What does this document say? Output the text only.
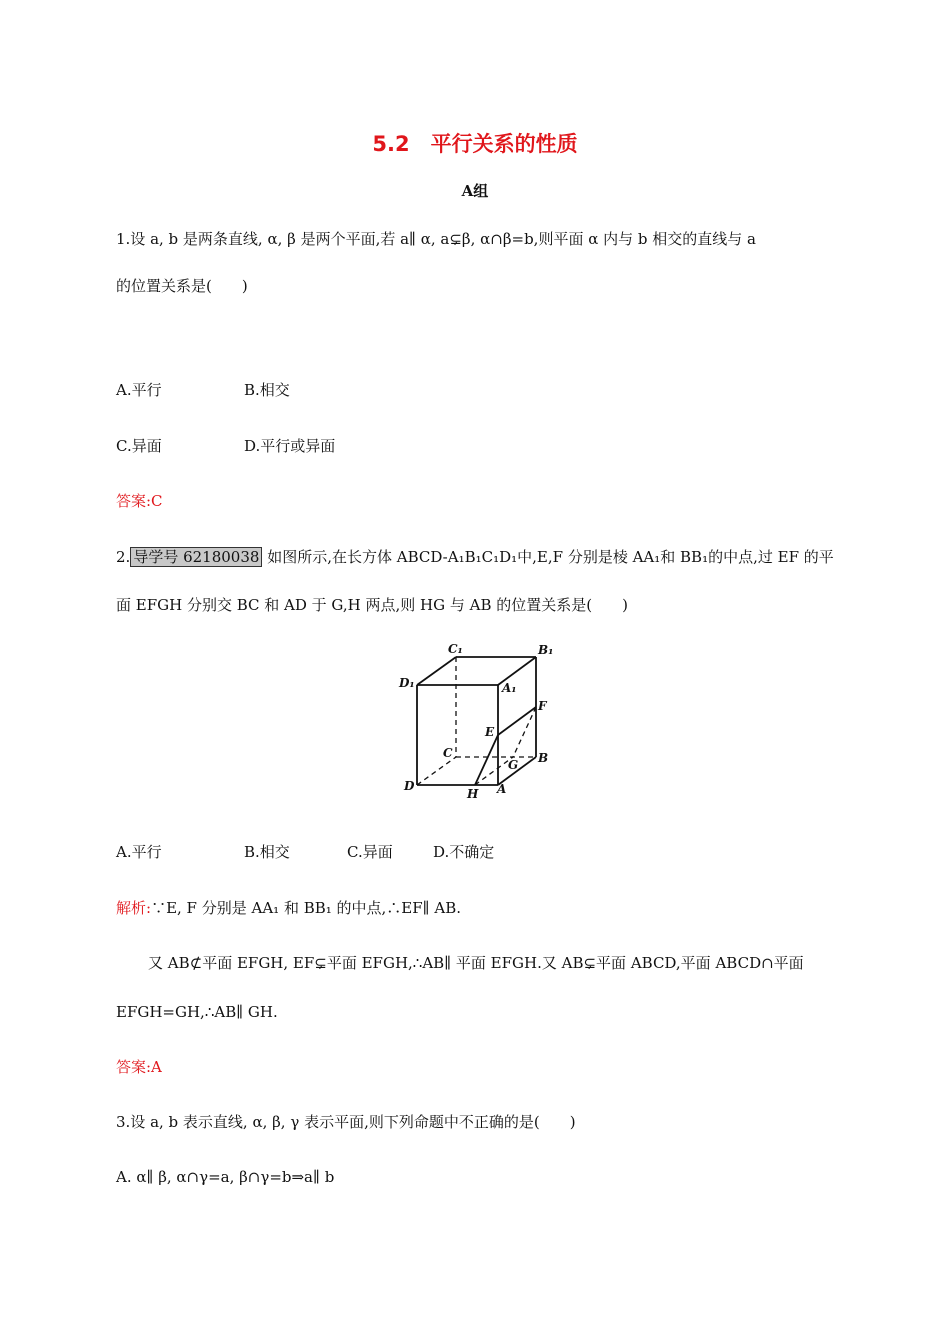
5.2　平行关系的性质
A组
1.设 a, b 是两条直线, α, β 是两个平面,若 a∥ α, a⊊β, α∩β=b,则平面 α 内与 b 相交的直线与 a
的位置关系是(　　)
A.平行	B.相交
C.异面	D.平行或异面
答案:C
2. 导学号 62180038 如图所示,在长方体 ABCD-A₁B₁C₁D₁中,E,F 分别是棱 AA₁和 BB₁的中点,过 EF 的平
面 EFGH 分别交 BC 和 AD 于 G,H 两点,则 HG 与 AB 的位置关系是(　　)
C₁	B₁
D₁	A₁
F
E
C	B
G
D
H A
A.平行	B.相交	C.异面	D.不确定
解析:∵E, F 分别是 AA₁ 和 BB₁ 的中点,∴EF∥ AB.
又 AB⊄平面 EFGH, EF⊊平面 EFGH,∴AB∥ 平面 EFGH.又 AB⊊平面 ABCD,平面 ABCD∩平面
EFGH=GH,∴AB∥ GH.
答案:A
3.设 a, b 表示直线, α, β, γ 表示平面,则下列命题中不正确的是(　　)
A. α∥ β, α∩γ=a, β∩γ=b⇒a∥ b
